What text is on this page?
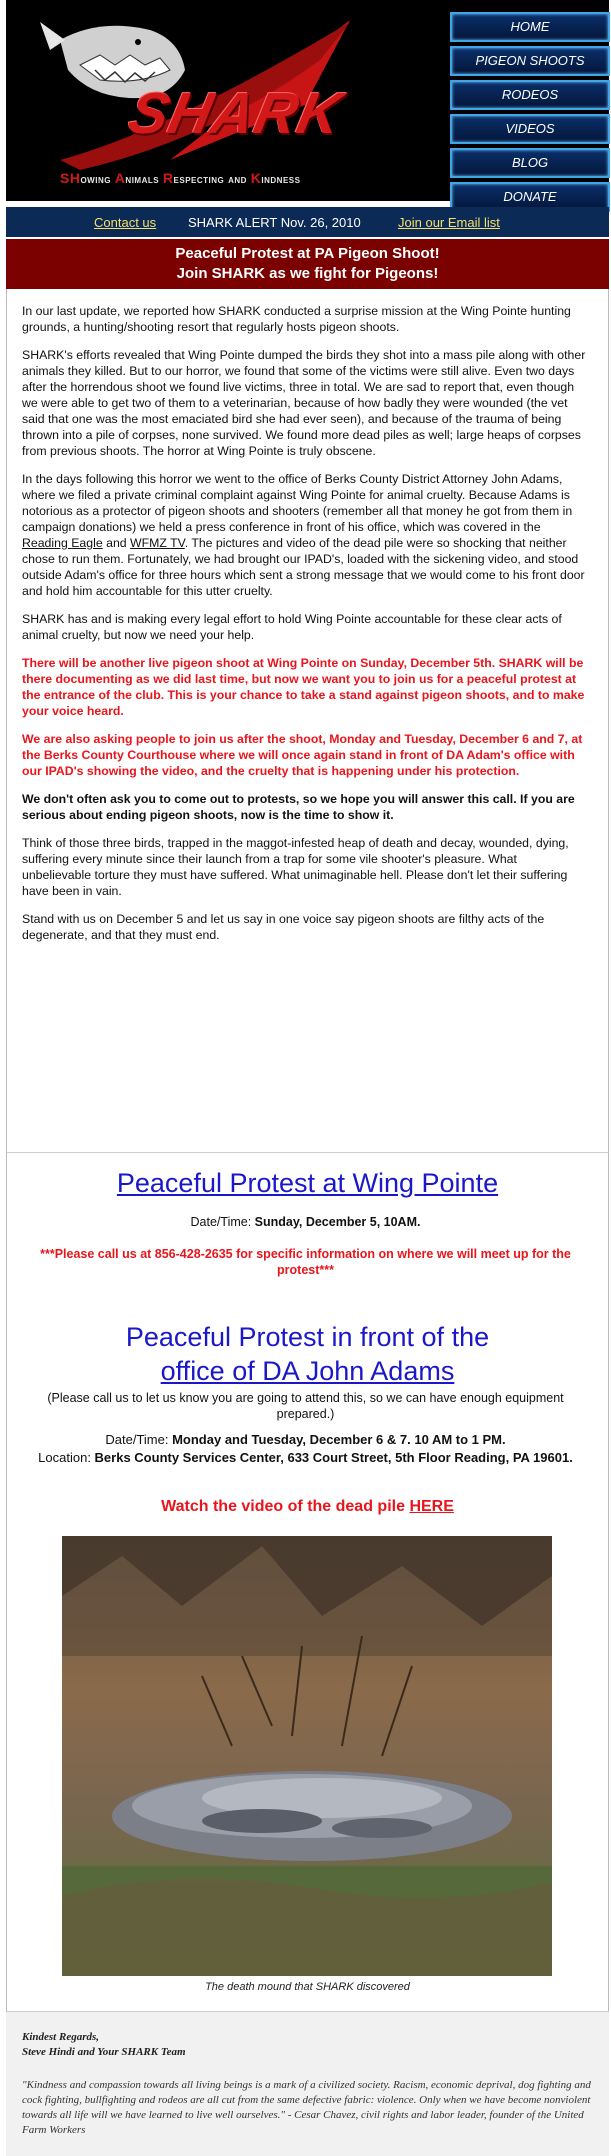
SHARK
SHowing Animals Respecting and Kindness
HOME
PIGEON SHOOTS
RODEOS
VIDEOS
BLOG
DONATE
Contact us SHARK ALERT Nov. 26, 2010	Join our Email list
Peaceful Protest at PA Pigeon Shoot!
Join SHARK as we fight for Pigeons!

In our last update, we reported how SHARK conducted a surprise mission at the Wing Pointe hunting grounds, a hunting/shooting resort that regularly hosts pigeon shoots.

SHARK's efforts revealed that Wing Pointe dumped the birds they shot into a mass pile along with other animals they killed. But to our horror, we found that some of the victims were still alive. Even two days after the horrendous shoot we found live victims, three in total. We are sad to report that, even though we were able to get two of them to a veterinarian, because of how badly they were wounded (the vet said that one was the most emaciated bird she had ever seen), and because of the trauma of being thrown into a pile of corpses, none survived. We found more dead piles as well; large heaps of corpses from previous shoots. The horror at Wing Pointe is truly obscene.

In the days following this horror we went to the office of Berks County District Attorney John Adams, where we filed a private criminal complaint against Wing Pointe for animal cruelty. Because Adams is notorious as a protector of pigeon shoots and shooters (remember all that money he got from them in campaign donations) we held a press conference in front of his office, which was covered in the Reading Eagle and WFMZ TV. The pictures and video of the dead pile were so shocking that neither chose to run them. Fortunately, we had brought our IPAD's, loaded with the sickening video, and stood outside Adam's office for three hours which sent a strong message that we would come to his front door and hold him accountable for this utter cruelty.

SHARK has and is making every legal effort to hold Wing Pointe accountable for these clear acts of animal cruelty, but now we need your help.

There will be another live pigeon shoot at Wing Pointe on Sunday, December 5th. SHARK will be there documenting as we did last time, but now we want you to join us for a peaceful protest at the entrance of the club. This is your chance to take a stand against pigeon shoots, and to make your voice heard.

We are also asking people to join us after the shoot, Monday and Tuesday, December 6 and 7, at the Berks County Courthouse where we will once again stand in front of DA Adam's office with our IPAD's showing the video, and the cruelty that is happening under his protection.

We don't often ask you to come out to protests, so we hope you will answer this call. If you are serious about ending pigeon shoots, now is the time to show it.

Think of those three birds, trapped in the maggot-infested heap of death and decay, wounded, dying, suffering every minute since their launch from a trap for some vile shooter's pleasure. What unbelievable torture they must have suffered. What unimaginable hell. Please don't let their suffering have been in vain.

Stand with us on December 5 and let us say in one voice say pigeon shoots are filthy acts of the degenerate, and that they must end.

Peaceful Protest at Wing Pointe
Date/Time: Sunday, December 5, 10AM.
***Please call us at 856-428-2635 for specific information on where we will meet up for the protest***
Peaceful Protest in front of the
office of DA John Adams
(Please call us to let us know you are going to attend this, so we can have enough equipment prepared.)
Date/Time: Monday and Tuesday, December 6 & 7. 10 AM to 1 PM.
Location: Berks County Services Center, 633 Court Street, 5th Floor Reading, PA 19601.
Watch the video of the dead pile HERE
The death mound that SHARK discovered
Kindest Regards,
Steve Hindi and Your SHARK Team
"Kindness and compassion towards all living beings is a mark of a civilized society. Racism, economic deprival, dog fighting and cock fighting, bullfighting and rodeos are all cut from the same defective fabric: violence. Only when we have become nonviolent towards all life will we have learned to live well ourselves." - Cesar Chavez, civil rights and labor leader, founder of the United Farm Workers
